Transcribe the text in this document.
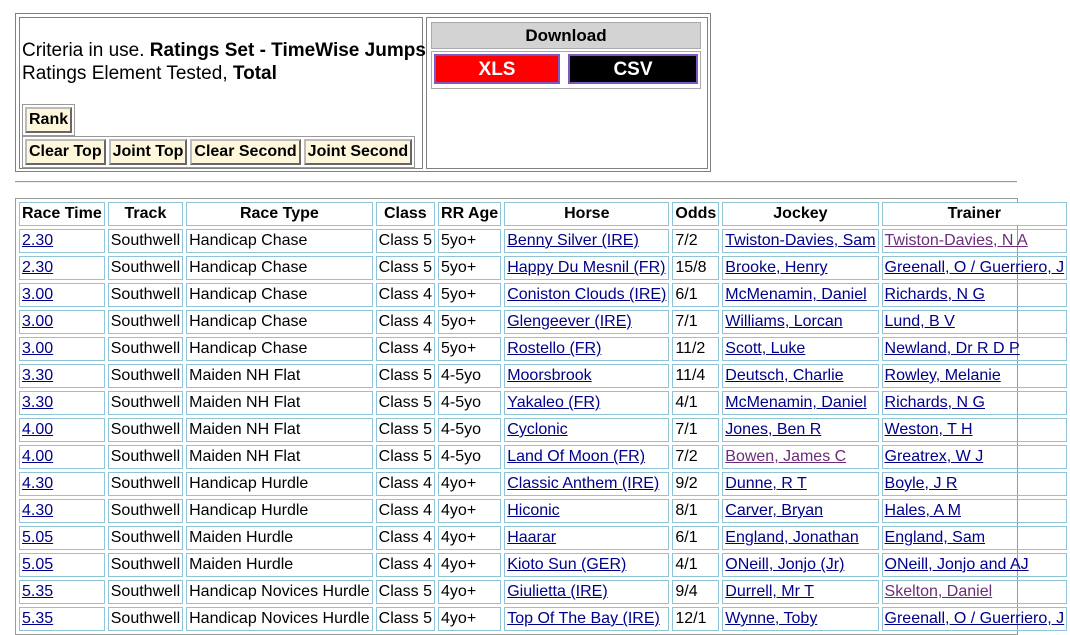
Criteria in use. Ratings Set - TimeWise Jumps
Ratings Element Tested, Total
Rank
Clear Top Joint Top Clear Second Joint Second
Download
XLS	CSV
Race Time	Track	Race Type	Class	RR Age	Horse	Odds	Jockey	Trainer
2.30	Southwell	Handicap Chase	Class 5	5yo+	Benny Silver (IRE)	7/2	Twiston-Davies, Sam	Twiston-Davies, N A
2.30	Southwell	Handicap Chase	Class 5	5yo+	Happy Du Mesnil (FR)	15/8	Brooke, Henry	Greenall, O / Guerriero, J
3.00	Southwell	Handicap Chase	Class 4	5yo+	Coniston Clouds (IRE)	6/1	McMenamin, Daniel	Richards, N G
3.00	Southwell	Handicap Chase	Class 4	5yo+	Glengeever (IRE)	7/1	Williams, Lorcan	Lund, B V
3.00	Southwell	Handicap Chase	Class 4	5yo+	Rostello (FR)	11/2	Scott, Luke	Newland, Dr R D P
3.30	Southwell	Maiden NH Flat	Class 5	4-5yo	Moorsbrook	11/4	Deutsch, Charlie	Rowley, Melanie
3.30	Southwell	Maiden NH Flat	Class 5	4-5yo	Yakaleo (FR)	4/1	McMenamin, Daniel	Richards, N G
4.00	Southwell	Maiden NH Flat	Class 5	4-5yo	Cyclonic	7/1	Jones, Ben R	Weston, T H
4.00	Southwell	Maiden NH Flat	Class 5	4-5yo	Land Of Moon (FR)	7/2	Bowen, James C	Greatrex, W J
4.30	Southwell	Handicap Hurdle	Class 4	4yo+	Classic Anthem (IRE)	9/2	Dunne, R T	Boyle, J R
4.30	Southwell	Handicap Hurdle	Class 4	4yo+	Hiconic	8/1	Carver, Bryan	Hales, A M
5.05	Southwell	Maiden Hurdle	Class 4	4yo+	Haarar	6/1	England, Jonathan	England, Sam
5.05	Southwell	Maiden Hurdle	Class 4	4yo+	Kioto Sun (GER)	4/1	ONeill, Jonjo (Jr)	ONeill, Jonjo and AJ
5.35	Southwell	Handicap Novices Hurdle	Class 5	4yo+	Giulietta (IRE)	9/4	Durrell, Mr T	Skelton, Daniel
5.35	Southwell	Handicap Novices Hurdle	Class 5	4yo+	Top Of The Bay (IRE)	12/1	Wynne, Toby	Greenall, O / Guerriero, J
